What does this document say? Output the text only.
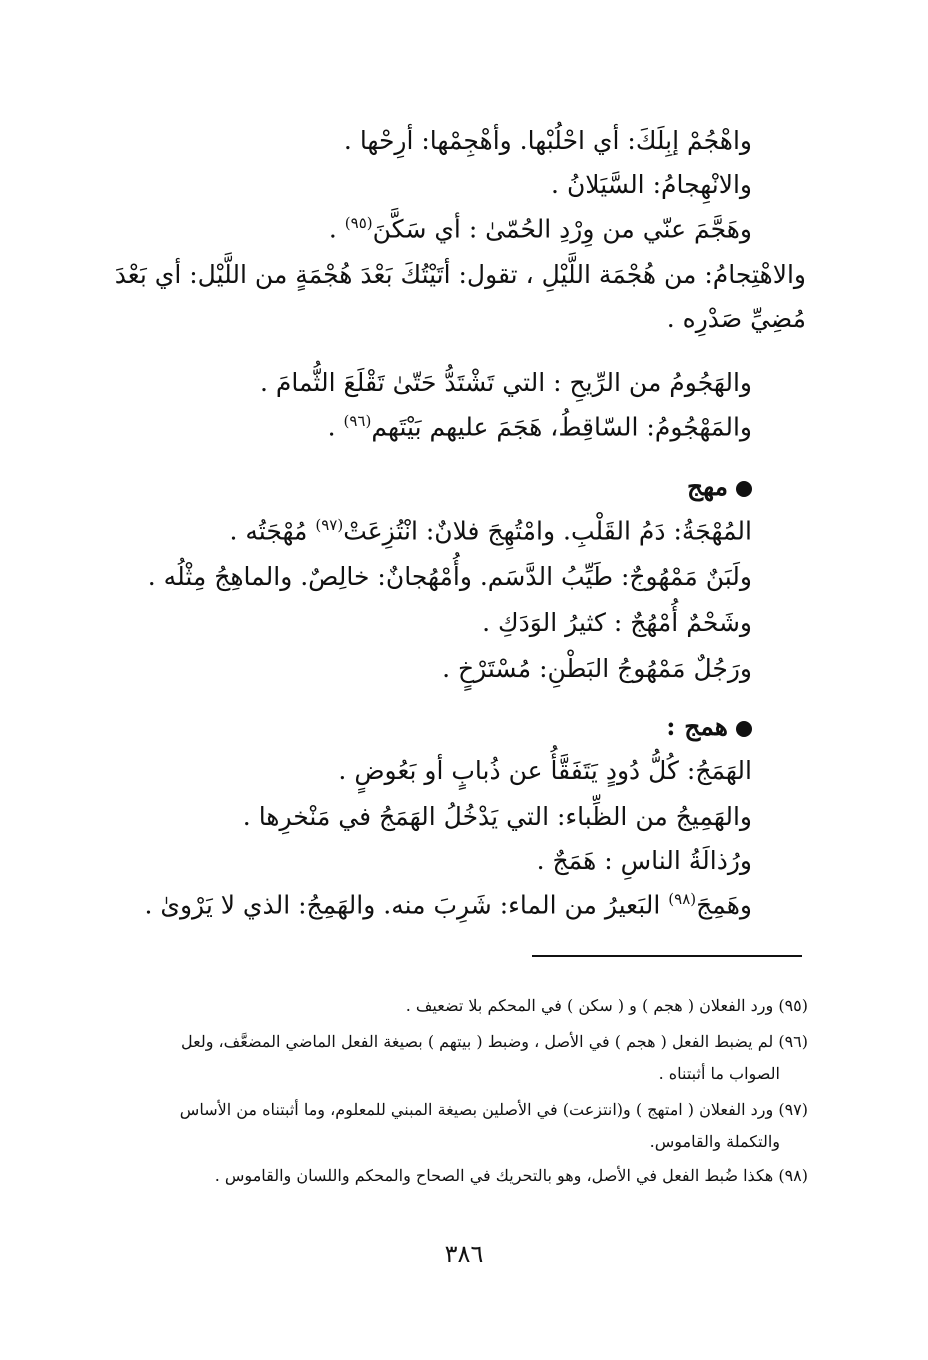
واهْجُمْ إبِلَكَ: أي احْلُبْها. وأهْجِمْها: أرِحْها .
والانْهِجامُ: السَّيَلانُ .
وهَجَّمَ عنّي من وِرْدِ الحُمّىٰ : أي سَكَّنَ$^{(٩٥)}$ .
والاهْتِجامُ: من هُجْمَة اللَّيْلِ ، تقول: أتَيْتُكَ بَعْدَ هُجْمَةٍ من اللَّيْل: أي بَعْدَ
مُضِيِّ صَدْرِه .
والهَجُومُ من الرِّيحِ : التي تَشْتَدُّ حَتّىٰ تَقْلَعَ الثُّمامَ .
والمَهْجُومُ: السّاقِطُ، هَجَمَ عليهم بَيْتَهم$^{(٩٦)}$ .
مهج
المُهْجَةُ: دَمُ القَلْبِ. وامْتُهِجَ فلانٌ: انْتُزِعَتْ$^{(٩٧)}$ مُهْجَتُه .
ولَبَنٌ مَمْهُوجٌ: طَيِّبُ الدَّسَم. وأُمْهُجانٌ: خالِصٌ. والماهِجُ مِثْلُه .
وشَحْمٌ أُمْهُجٌ : كثيرُ الوَدَكِ .
ورَجُلٌ مَمْهُوجُ البَطْنِ: مُسْتَرْخٍ .
همج :
الهَمَجُ: كُلُّ دُودٍ يَتَفَقَّأُ عن ذُبابٍ أو بَعُوضٍ .
والهَمِيجُ من الظِّباء: التي يَدْخُلُ الهَمَجُ في مَنْخرِها .
ورُذالَةُ الناسِ : هَمَجٌ .
وهَمِجَ$^{(٩٨)}$ البَعيرُ من الماء: شَرِبَ منه. والهَمِجُ: الذي لا يَرْوىٰ .
(٩٥) ورد الفعلان ( هجم ) و ( سكن ) في المحكم بلا تضعيف .
(٩٦) لم يضبط الفعل ( هجم ) في الأصل ، وضبط ( بيتهم ) بصيغة الفعل الماضي المضعَّف، ولعل
الصواب ما أثبتناه .
(٩٧) ورد الفعلان ( امتهج ) و(انتزعت) في الأصلين بصيغة المبني للمعلوم، وما أثبتناه من الأساس
والتكملة والقاموس.
(٩٨) هكذا ضُبط الفعل في الأصل، وهو بالتحريك في الصحاح والمحكم واللسان والقاموس .
٣٨٦
